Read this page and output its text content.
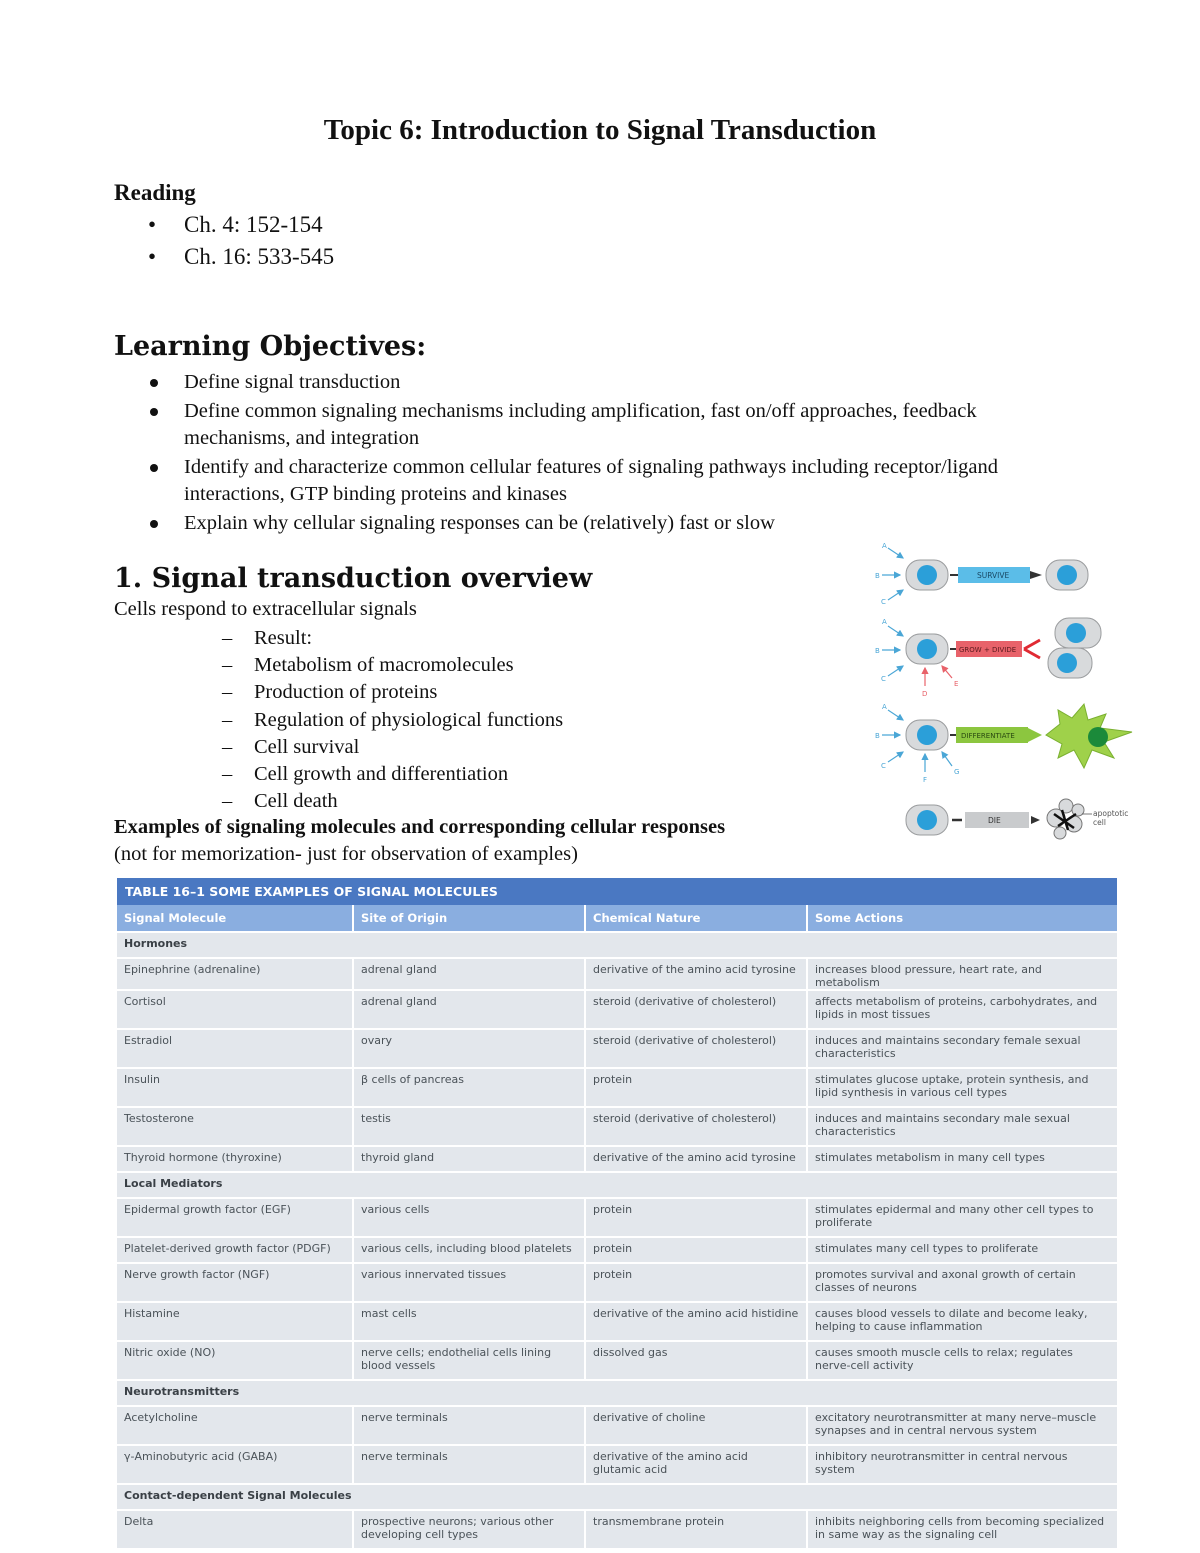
Topic 6: Introduction to Signal Transduction
Reading
• Ch. 4: 152-154
• Ch. 16: 533-545
Learning Objectives:
Define signal transduction
Define common signaling mechanisms including amplification, fast on/off approaches, feedback mechanisms, and integration
Identify and characterize common cellular features of signaling pathways including receptor/ligand interactions, GTP binding proteins and kinases
Explain why cellular signaling responses can be (relatively) fast or slow
1. Signal transduction overview
Cells respond to extracellular signals
– Result:
– Metabolism of macromolecules
– Production of proteins
– Regulation of physiological functions
– Cell survival
– Cell growth and differentiation
– Cell death
Examples of signaling molecules and corresponding cellular responses
(not for memorization- just for observation of examples)
A
B
C
SURVIVE
A
B
C
D
E
GROW + DIVIDE
A
B
C
F
G
DIFFERENTIATE
DIE
apoptotic
cell
TABLE 16–1 SOME EXAMPLES OF SIGNAL MOLECULES
Signal Molecule	Site of Origin	Chemical Nature	Some Actions
Hormones			
Epinephrine (adrenaline)	adrenal gland	derivative of the amino acid tyrosine	increases blood pressure, heart rate, and metabolism
Cortisol	adrenal gland	steroid (derivative of cholesterol)	affects metabolism of proteins, carbohydrates, and lipids in most tissues
Estradiol	ovary	steroid (derivative of cholesterol)	induces and maintains secondary female sexual characteristics
Insulin	β cells of pancreas	protein	stimulates glucose uptake, protein synthesis, and lipid synthesis in various cell types
Testosterone	testis	steroid (derivative of cholesterol)	induces and maintains secondary male sexual characteristics
Thyroid hormone (thyroxine)	thyroid gland	derivative of the amino acid tyrosine	stimulates metabolism in many cell types
Local Mediators			
Epidermal growth factor (EGF)	various cells	protein	stimulates epidermal and many other cell types to proliferate
Platelet-derived growth factor (PDGF)	various cells, including blood platelets	protein	stimulates many cell types to proliferate
Nerve growth factor (NGF)	various innervated tissues	protein	promotes survival and axonal growth of certain classes of neurons
Histamine	mast cells	derivative of the amino acid histidine	causes blood vessels to dilate and become leaky, helping to cause inflammation
Nitric oxide (NO)	nerve cells; endothelial cells lining blood vessels	dissolved gas	causes smooth muscle cells to relax; regulates nerve-cell activity
Neurotransmitters			
Acetylcholine	nerve terminals	derivative of choline	excitatory neurotransmitter at many nerve–muscle synapses and in central nervous system
γ-Aminobutyric acid (GABA)	nerve terminals	derivative of the amino acid glutamic acid	inhibitory neurotransmitter in central nervous system
Contact-dependent Signal Molecules			
Delta	prospective neurons; various other developing cell types	transmembrane protein	inhibits neighboring cells from becoming specialized in same way as the signaling cell
